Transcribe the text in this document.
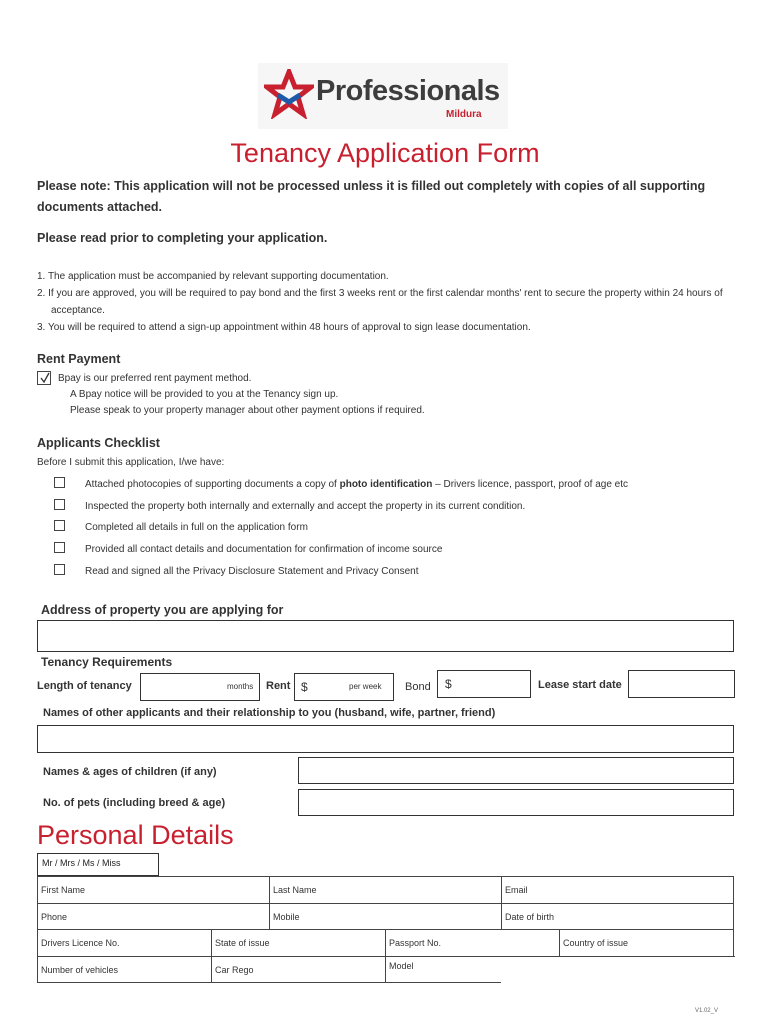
Professionals
Mildura
Tenancy Application Form
Please note: This application will not be processed unless it is filled out completely with copies of all supporting documents attached.
Please read prior to completing your application.
1. The application must be accompanied by relevant supporting documentation.
2. If you are approved, you will be required to pay bond and the first 3 weeks rent or the first calendar months' rent to secure the property within 24 hours of acceptance.
3. You will be required to attend a sign-up appointment within 48 hours of approval to sign lease documentation.
Rent Payment
Bpay is our preferred rent payment method.
A Bpay notice will be provided to you at the Tenancy sign up.
Please speak to your property manager about other payment options if required.
Applicants Checklist
Before I submit this application, I/we have:
Attached photocopies of supporting documents a copy of photo identification – Drivers licence, passport, proof of age etc
Inspected the property both internally and externally and accept the property in its current condition.
Completed all details in full on the application form
Provided all contact details and documentation for confirmation of income source
Read and signed all the Privacy Disclosure Statement and Privacy Consent
Address of property you are applying for
Tenancy Requirements
Length of tenancy	months Rent $	per week Bond $	Lease start date
Names of other applicants and their relationship to you (husband, wife, partner, friend)
Names & ages of children (if any)
No. of pets (including breed & age)
Personal Details
Mr / Mrs / Ms / Miss
First Name	Last Name	Email
Phone	Mobile	Date of birth
Drivers Licence No.	State of issue	Passport No.	Country of issue
Number of vehicles	Car Rego	Model
V1.02_V
